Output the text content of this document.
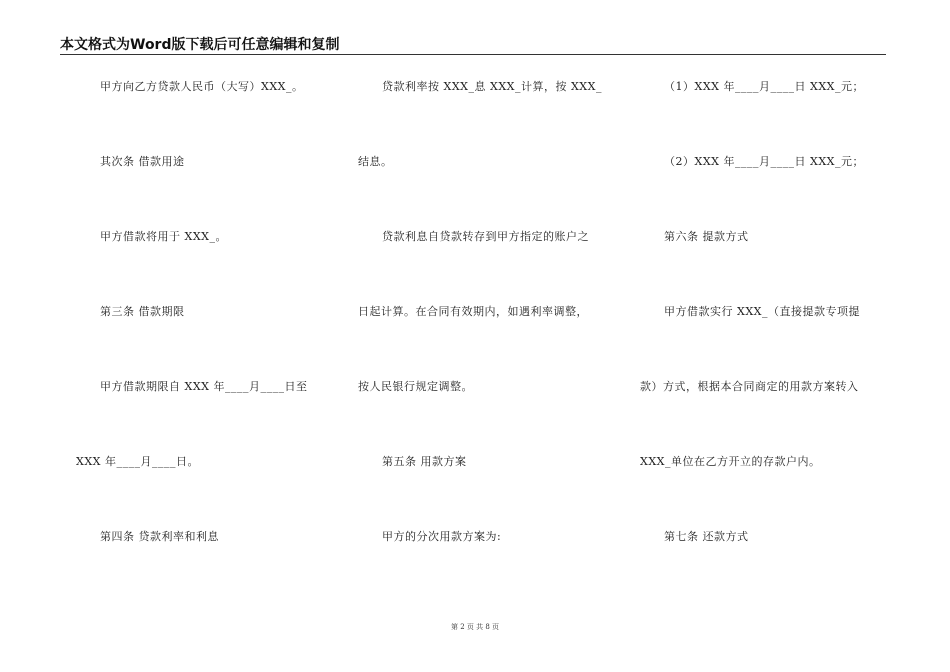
本文格式为Word版下载后可任意编辑和复制
甲方向乙方贷款人民币（大写）XXX_。
其次条 借款用途
甲方借款将用于 XXX_。
第三条 借款期限
甲方借款期限自 XXX 年____月____日至
XXX 年____月____日。
第四条 贷款利率和利息
贷款利率按 XXX_息 XXX_计算，按 XXX_
结息。
贷款利息自贷款转存到甲方指定的账户之
日起计算。在合同有效期内，如遇利率调整，
按人民银行规定调整。
第五条 用款方案
甲方的分次用款方案为:
（1）XXX 年____月____日 XXX_元；
（2）XXX 年____月____日 XXX_元；
第六条 提款方式
甲方借款实行 XXX_（直接提款专项提
款）方式，根据本合同商定的用款方案转入
XXX_单位在乙方开立的存款户内。
第七条 还款方式
第 2 页 共 8 页
